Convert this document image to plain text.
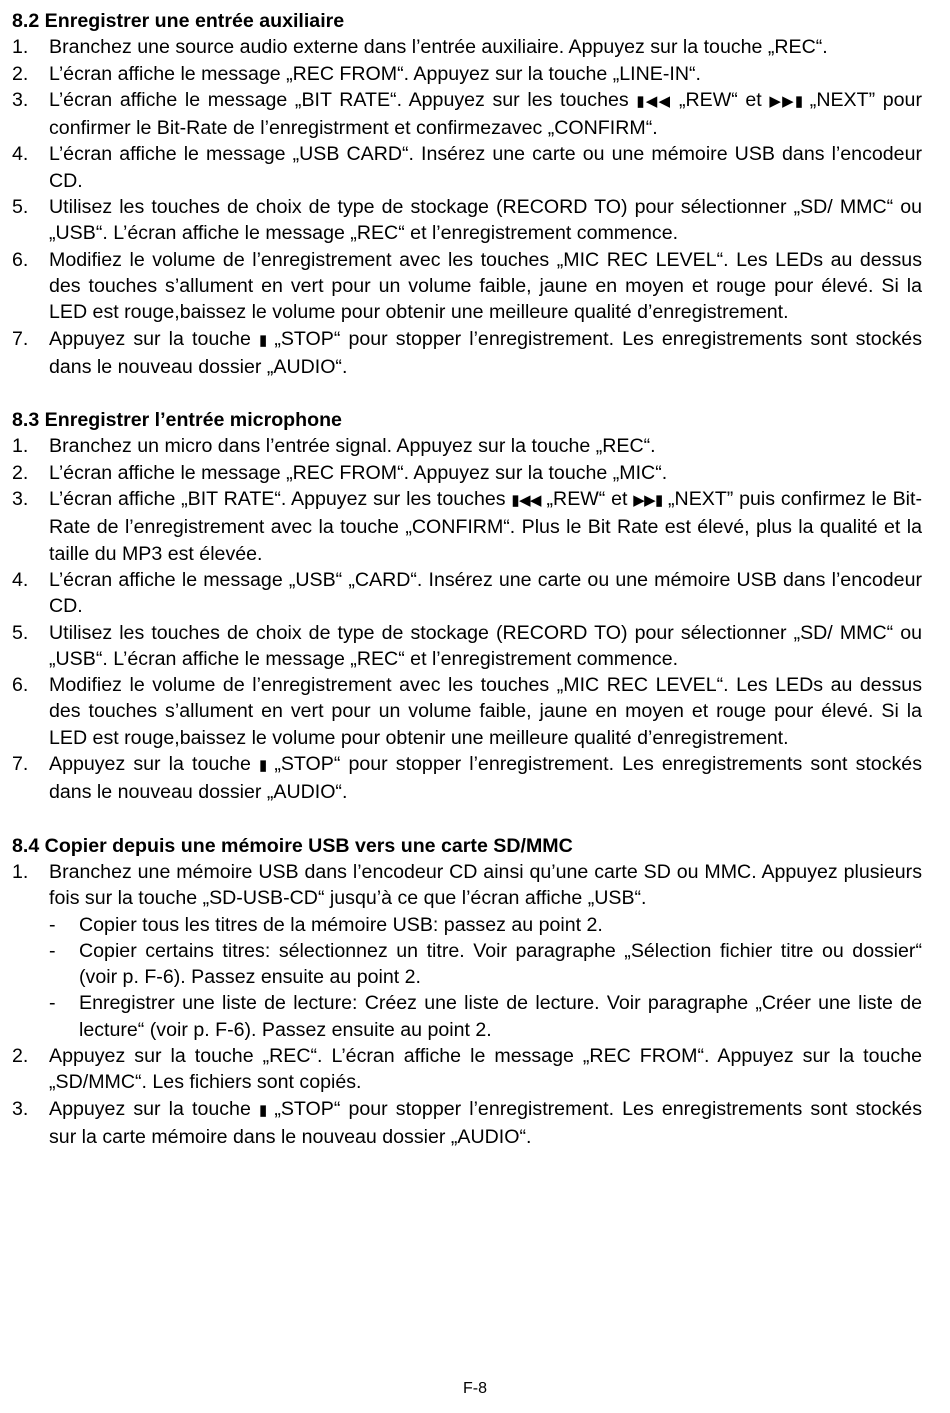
8.2 Enregistrer une entrée auxiliaire
1. Branchez une source audio externe dans l’entrée auxiliaire. Appuyez sur la touche „REC“.
2. L’écran affiche le message „REC FROM“. Appuyez sur la touche „LINE-IN“.
3. L’écran affiche le message „BIT RATE“. Appuyez sur les touches ▮◀◀ „REW“ et ▶▶▮ „NEXT” pour confirmer le Bit-Rate de l’enregistrment et confirmezavec „CONFIRM“.
4. L’écran affiche le message „USB CARD“. Insérez une carte ou une mémoire USB dans l’encodeur CD.
5. Utilisez les touches de choix de type de stockage (RECORD TO) pour sélectionner „SD/ MMC“ ou „USB“. L’écran affiche le message „REC“ et l’enregistrement commence.
6. Modifiez le volume de l’enregistrement avec les touches „MIC REC LEVEL“. Les LEDs au dessus des touches s’allument en vert pour un volume faible, jaune en moyen et rouge pour élevé. Si la LED est rouge,baissez le volume pour obtenir une meilleure qualité d’enregistrement.
7. Appuyez sur la touche ▮ „STOP“ pour stopper l’enregistrement. Les enregistrements sont stockés dans le nouveau dossier „AUDIO“.
8.3 Enregistrer l’entrée microphone
1. Branchez un micro dans l’entrée signal. Appuyez sur la touche „REC“.
2. L’écran affiche le message „REC FROM“. Appuyez sur la touche „MIC“.
3. L’écran affiche „BIT RATE“. Appuyez sur les touches ▮◀◀ „REW“ et ▶▶▮ „NEXT” puis confirmez le Bit-Rate de l’enregistrement avec la touche „CONFIRM“. Plus le Bit Rate est élevé, plus la qualité et la taille du MP3 est élevée.
4. L’écran affiche le message „USB“ „CARD“. Insérez une carte ou une mémoire USB dans l’encodeur CD.
5. Utilisez les touches de choix de type de stockage (RECORD TO) pour sélectionner „SD/ MMC“ ou „USB“. L’écran affiche le message „REC“ et l’enregistrement commence.
6. Modifiez le volume de l’enregistrement avec les touches „MIC REC LEVEL“. Les LEDs au dessus des touches s’allument en vert pour un volume faible, jaune en moyen et rouge pour élevé. Si la LED est rouge,baissez le volume pour obtenir une meilleure qualité d’enregistrement.
7. Appuyez sur la touche ▮ „STOP“ pour stopper l’enregistrement. Les enregistrements sont stockés dans le nouveau dossier „AUDIO“.
8.4 Copier depuis une mémoire USB vers une carte SD/MMC
1. Branchez une mémoire USB dans l’encodeur CD ainsi qu’une carte SD ou MMC. Appuyez plusieurs fois sur la touche „SD-USB-CD“ jusqu’à ce que l’écran affiche „USB“.
- Copier tous les titres de la mémoire USB: passez au point 2.
- Copier certains titres: sélectionnez un titre. Voir paragraphe „Sélection fichier titre ou dossier“ (voir p. F-6). Passez ensuite au point 2.
- Enregistrer une liste de lecture: Créez une liste de lecture. Voir paragraphe „Créer une liste de lecture“ (voir p. F-6). Passez ensuite au point 2.
2. Appuyez sur la touche „REC“. L’écran affiche le message „REC FROM“. Appuyez sur la touche „SD/MMC“. Les fichiers sont copiés.
3. Appuyez sur la touche ▮ „STOP“ pour stopper l’enregistrement. Les enregistrements sont stockés sur la carte mémoire dans le nouveau dossier „AUDIO“.
F-8
